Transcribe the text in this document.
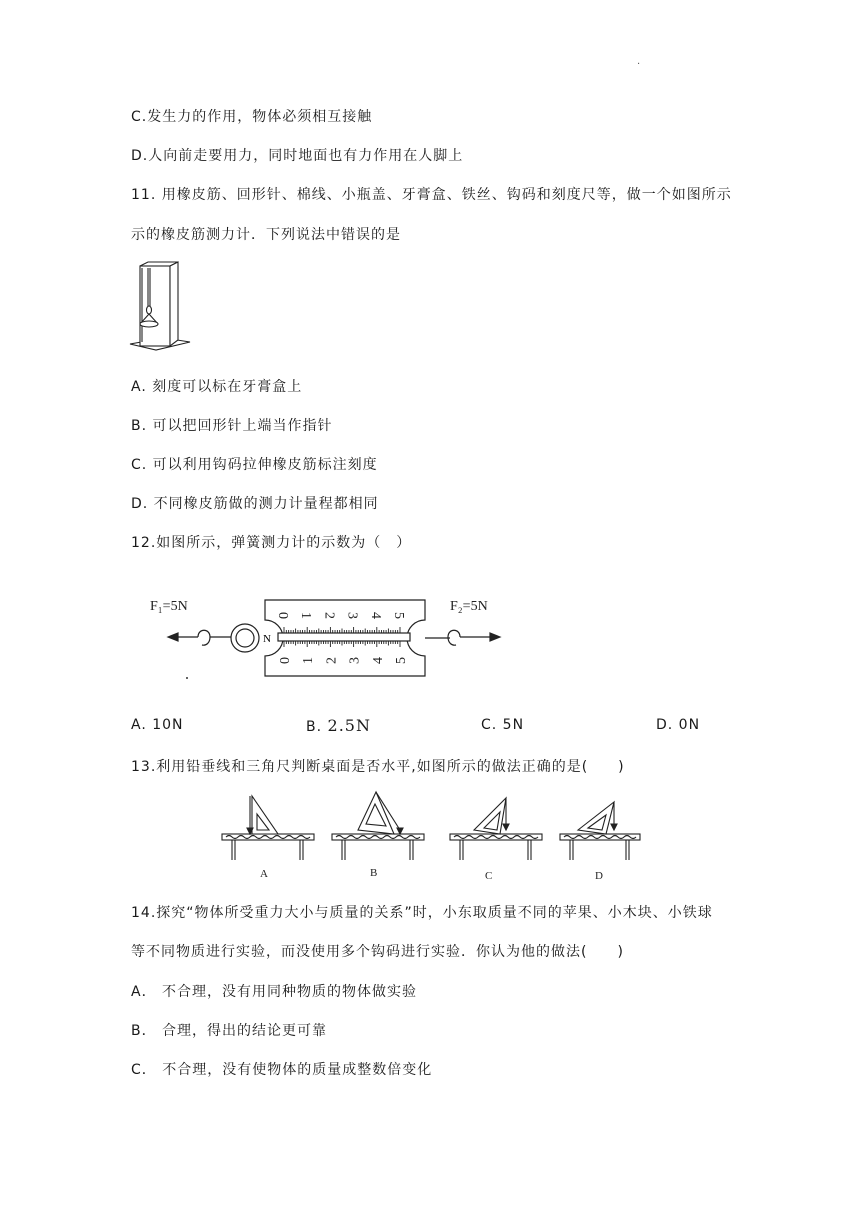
.
C.发生力的作用，物体必须相互接触
D.人向前走要用力，同时地面也有力作用在人脚上
11. 用橡皮筋、回形针、棉线、小瓶盖、牙膏盒、铁丝、钩码和刻度尺等，做一个如图所示
示的橡皮筋测力计．下列说法中错误的是
A. 刻度可以标在牙膏盒上
B. 可以把回形针上端当作指针
C. 可以利用钩码拉伸橡皮筋标注刻度
D. 不同橡皮筋做的测力计量程都相同
12.如图所示，弹簧测力计的示数为（　）
N
0 1 2 3 4 5
0 1 2 3 4 5
F₁=5N	F₂=5N
A. 10N	B. 2.5N	C. 5N	D. 0N
13.利用铅垂线和三角尺判断桌面是否水平,如图所示的做法正确的是(　　)
A	B	C	D
14.探究“物体所受重力大小与质量的关系”时，小东取质量不同的苹果、小木块、小铁球
等不同物质进行实验，而没使用多个钩码进行实验．你认为他的做法(　　)
A． 不合理，没有用同种物质的物体做实验
B． 合理，得出的结论更可靠
C． 不合理，没有使物体的质量成整数倍变化
